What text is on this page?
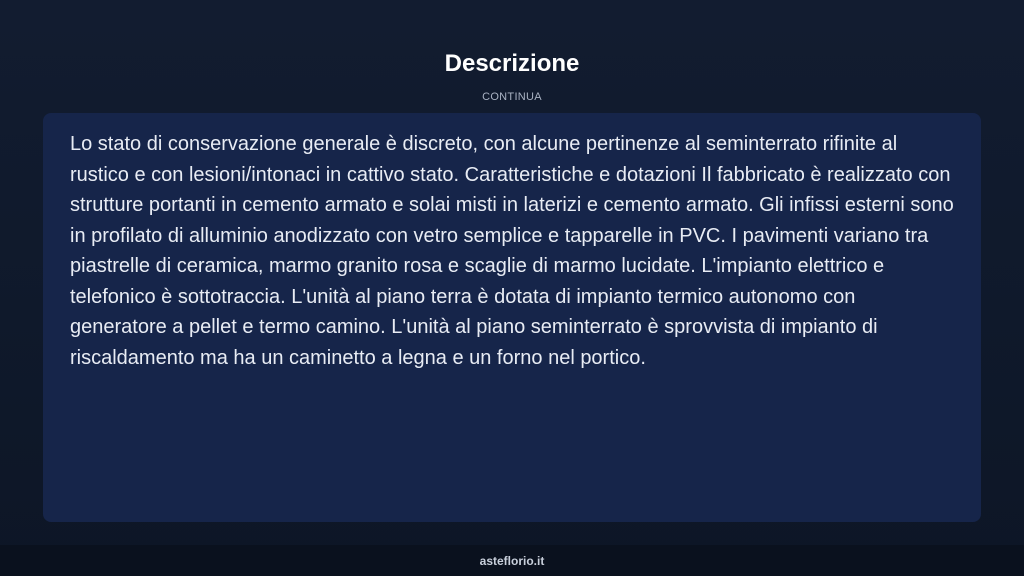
Descrizione
CONTINUA

Lo stato di conservazione generale è discreto, con alcune pertinenze al seminterrato rifinite al rustico e con lesioni/intonaci in cattivo stato. Caratteristiche e dotazioni Il fabbricato è realizzato con strutture portanti in cemento armato e solai misti in laterizi e cemento armato. Gli infissi esterni sono in profilato di alluminio anodizzato con vetro semplice e tapparelle in PVC. I pavimenti variano tra piastrelle di ceramica, marmo granito rosa e scaglie di marmo lucidate. L'impianto elettrico e telefonico è sottotraccia. L'unità al piano terra è dotata di impianto termico autonomo con generatore a pellet e termo camino. L'unità al piano seminterrato è sprovvista di impianto di riscaldamento ma ha un caminetto a legna e un forno nel portico.

asteflorio.it
